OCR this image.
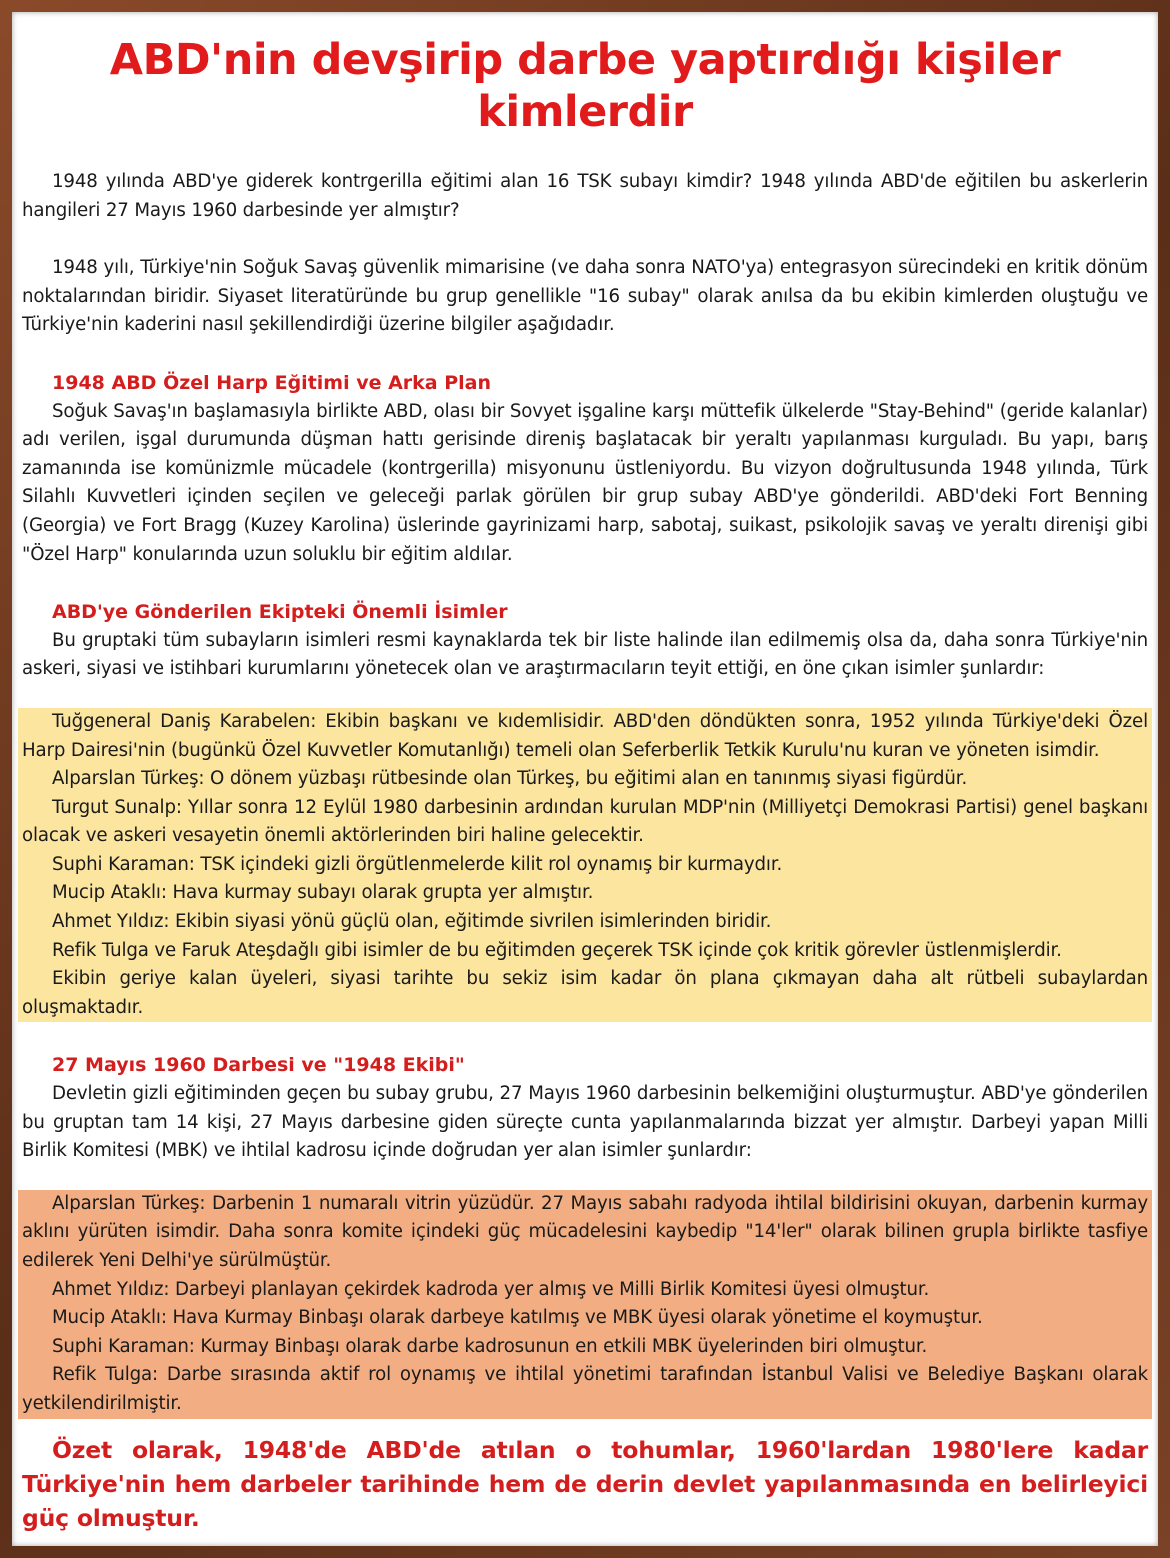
ABD'nin devşirip darbe yaptırdığı kişiler kimlerdir

1948 yılında ABD'ye giderek kontrgerilla eğitimi alan 16 TSK subayı kimdir? 1948 yılında ABD'de eğitilen bu askerlerin hangileri 27 Mayıs 1960 darbesinde yer almıştır?

1948 yılı, Türkiye'nin Soğuk Savaş güvenlik mimarisine (ve daha sonra NATO'ya) entegrasyon sürecindeki en kritik dönüm noktalarından biridir. Siyaset literatüründe bu grup genellikle "16 subay" olarak anılsa da bu ekibin kimlerden oluştuğu ve Türkiye'nin kaderini nasıl şekillendirdiği üzerine bilgiler aşağıdadır.

1948 ABD Özel Harp Eğitimi ve Arka Plan

Soğuk Savaş'ın başlamasıyla birlikte ABD, olası bir Sovyet işgaline karşı müttefik ülkelerde "Stay-Behind" (geride kalanlar) adı verilen, işgal durumunda düşman hattı gerisinde direniş başlatacak bir yeraltı yapılanması kurguladı. Bu yapı, barış zamanında ise komünizmle mücadele (kontrgerilla) misyonunu üstleniyordu. Bu vizyon doğrultusunda 1948 yılında, Türk Silahlı Kuvvetleri içinden seçilen ve geleceği parlak görülen bir grup subay ABD'ye gönderildi. ABD'deki Fort Benning (Georgia) ve Fort Bragg (Kuzey Karolina) üslerinde gayrinizami harp, sabotaj, suikast, psikolojik savaş ve yeraltı direnişi gibi "Özel Harp" konularında uzun soluklu bir eğitim aldılar.

ABD'ye Gönderilen Ekipteki Önemli İsimler

Bu gruptaki tüm subayların isimleri resmi kaynaklarda tek bir liste halinde ilan edilmemiş olsa da, daha sonra Türkiye'nin askeri, siyasi ve istihbari kurumlarını yönetecek olan ve araştırmacıların teyit ettiği, en öne çıkan isimler şunlardır:

Tuğgeneral Daniş Karabelen: Ekibin başkanı ve kıdemlisidir. ABD'den döndükten sonra, 1952 yılında Türkiye'deki Özel Harp Dairesi'nin (bugünkü Özel Kuvvetler Komutanlığı) temeli olan Seferberlik Tetkik Kurulu'nu kuran ve yöneten isimdir.

Alparslan Türkeş: O dönem yüzbaşı rütbesinde olan Türkeş, bu eğitimi alan en tanınmış siyasi figürdür.

Turgut Sunalp: Yıllar sonra 12 Eylül 1980 darbesinin ardından kurulan MDP'nin (Milliyetçi Demokrasi Partisi) genel başkanı olacak ve askeri vesayetin önemli aktörlerinden biri haline gelecektir.

Suphi Karaman: TSK içindeki gizli örgütlenmelerde kilit rol oynamış bir kurmaydır.

Mucip Ataklı: Hava kurmay subayı olarak grupta yer almıştır.

Ahmet Yıldız: Ekibin siyasi yönü güçlü olan, eğitimde sivrilen isimlerinden biridir.

Refik Tulga ve Faruk Ateşdağlı gibi isimler de bu eğitimden geçerek TSK içinde çok kritik görevler üstlenmişlerdir.

Ekibin geriye kalan üyeleri, siyasi tarihte bu sekiz isim kadar ön plana çıkmayan daha alt rütbeli subaylardan oluşmaktadır.

27 Mayıs 1960 Darbesi ve "1948 Ekibi"

Devletin gizli eğitiminden geçen bu subay grubu, 27 Mayıs 1960 darbesinin belkemiğini oluşturmuştur. ABD'ye gönderilen bu gruptan tam 14 kişi, 27 Mayıs darbesine giden süreçte cunta yapılanmalarında bizzat yer almıştır. Darbeyi yapan Milli Birlik Komitesi (MBK) ve ihtilal kadrosu içinde doğrudan yer alan isimler şunlardır:

Alparslan Türkeş: Darbenin 1 numaralı vitrin yüzüdür. 27 Mayıs sabahı radyoda ihtilal bildirisini okuyan, darbenin kurmay aklını yürüten isimdir. Daha sonra komite içindeki güç mücadelesini kaybedip "14'ler" olarak bilinen grupla birlikte tasfiye edilerek Yeni Delhi'ye sürülmüştür.

Ahmet Yıldız: Darbeyi planlayan çekirdek kadroda yer almış ve Milli Birlik Komitesi üyesi olmuştur.

Mucip Ataklı: Hava Kurmay Binbaşı olarak darbeye katılmış ve MBK üyesi olarak yönetime el koymuştur.

Suphi Karaman: Kurmay Binbaşı olarak darbe kadrosunun en etkili MBK üyelerinden biri olmuştur.

Refik Tulga: Darbe sırasında aktif rol oynamış ve ihtilal yönetimi tarafından İstanbul Valisi ve Belediye Başkanı olarak yetkilendirilmiştir.

Özet olarak, 1948'de ABD'de atılan o tohumlar, 1960'lardan 1980'lere kadar Türkiye'nin hem darbeler tarihinde hem de derin devlet yapılanmasında en belirleyici güç olmuştur.
